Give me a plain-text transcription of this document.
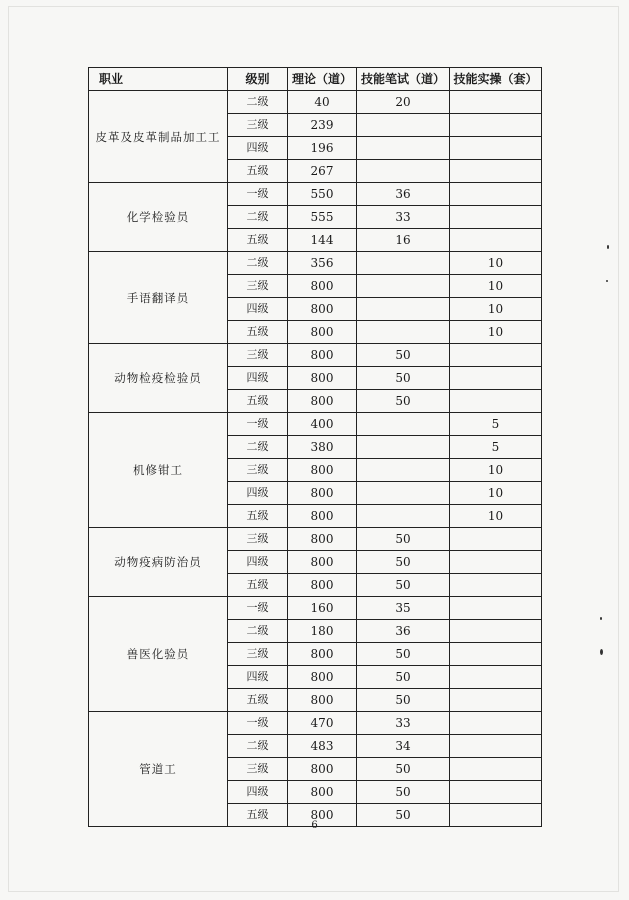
职业	级别	理论（道）	技能笔试（道）	技能实操（套）
皮革及皮革制品加工工	二级	40	20	
	三级	239		
	四级	196		
	五级	267		
化学检验员	一级	550	36	
	二级	555	33	
	五级	144	16	
手语翻译员	二级	356		10
	三级	800		10
	四级	800		10
	五级	800		10
动物检疫检验员	三级	800	50	
	四级	800	50	
	五级	800	50	
机修钳工	一级	400		5
	二级	380		5
	三级	800		10
	四级	800		10
	五级	800		10
动物疫病防治员	三级	800	50	
	四级	800	50	
	五级	800	50	
兽医化验员	一级	160	35	
	二级	180	36	
	三级	800	50	
	四级	800	50	
	五级	800	50	
管道工	一级	470	33	
	二级	483	34	
	三级	800	50	
	四级	800	50	
	五级	800	50	
6
